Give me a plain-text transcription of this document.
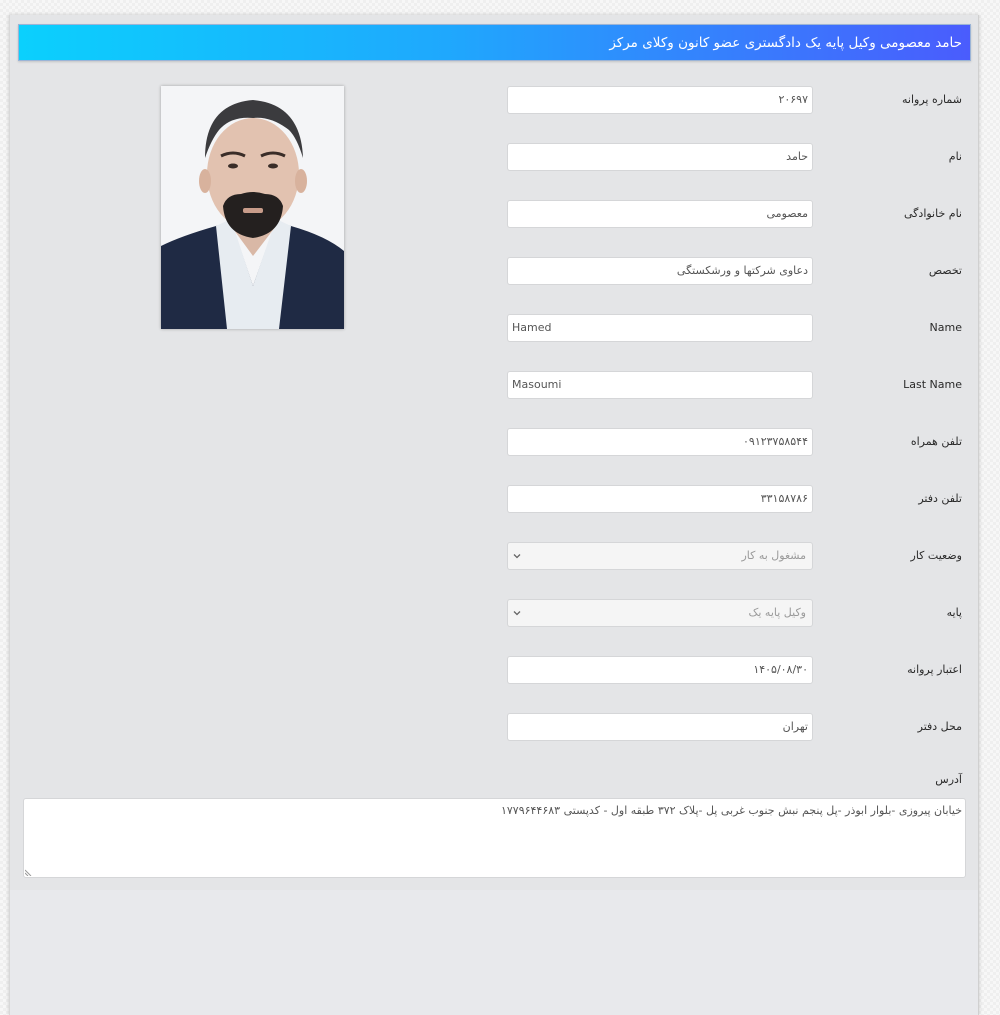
حامد معصومی وکیل پایه یک دادگستری عضو کانون وکلای مرکز
شماره پروانه
۲۰۶۹۷
نام
حامد
نام خانوادگی
معصومی
تخصص
دعاوی شرکتها و ورشکستگی
Name
Hamed
Last Name
Masoumi
تلفن همراه
۰۹۱۲۳۷۵۸۵۴۴
تلفن دفتر
۳۳۱۵۸۷۸۶
وضعیت کار
مشغول به کار
پایه
وکیل پایه یک
اعتبار پروانه
۱۴۰۵/۰۸/۳۰
محل دفتر
تهران
آدرس
خیابان پیروزی -بلوار ابوذر -پل پنجم نبش جنوب غربی پل -پلاک ۳۷۲ طبقه اول - کدپستی ۱۷۷۹۶۴۴۶۸۳
